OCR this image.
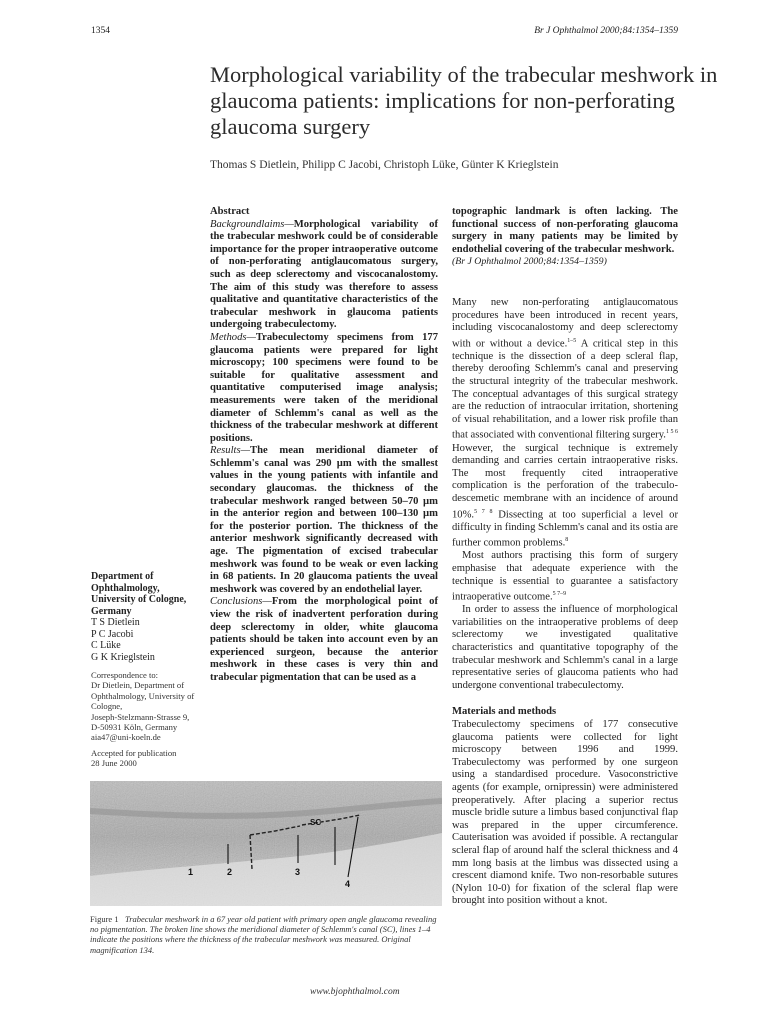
1354	Br J Ophthalmol 2000;84:1354–1359
Morphological variability of the trabecular meshwork in glaucoma patients: implications for non-perforating glaucoma surgery
Thomas S Dietlein, Philipp C Jacobi, Christoph Lüke, Günter K Krieglstein
Abstract

Backgroundlaims—Morphological variability of the trabecular meshwork could be of considerable importance for the proper intraoperative outcome of non-perforating antiglaucomatous surgery, such as deep sclerectomy and viscocanalostomy. The aim of this study was therefore to assess qualitative and quantitative characteristics of the trabecular meshwork in glaucoma patients undergoing trabeculectomy.

Methods—Trabeculectomy specimens from 177 glaucoma patients were prepared for light microscopy; 100 specimens were found to be suitable for qualitative assessment and quantitative computerised image analysis; measurements were taken of the meridional diameter of Schlemm's canal as well as the thickness of the trabecular meshwork at different positions.

Results—The mean meridional diameter of Schlemm's canal was 290 µm with the smallest values in the young patients with infantile and secondary glaucomas. the thickness of the trabecular meshwork ranged between 50–70 µm in the anterior region and between 100–130 µm for the posterior portion. The thickness of the anterior meshwork significantly decreased with age. The pigmentation of excised trabecular meshwork was found to be weak or even lacking in 68 patients. In 20 glaucoma patients the uveal meshwork was covered by an endothelial layer.

Conclusions—From the morphological point of view the risk of inadvertent perforation during deep sclerectomy in older, white glaucoma patients should be taken into account even by an experienced surgeon, because the anterior meshwork in these cases is very thin and trabecular pigmentation that can be used as a

topographic landmark is often lacking. The functional success of non-perforating glaucoma surgery in many patients may be limited by endothelial covering of the trabecular meshwork.

(Br J Ophthalmol 2000;84:1354–1359)

Many new non-perforating antiglaucomatous procedures have been introduced in recent years, including viscocanalostomy and deep sclerectomy with or without a device.$^{1-5}$ A critical step in this technique is the dissection of a deep scleral flap, thereby deroofing Schlemm's canal and preserving the structural integrity of the trabecular meshwork. The conceptual advantages of this surgical strategy are the reduction of intraocular irritation, shortening of visual rehabilitation, and a lower risk profile than that associated with conventional filtering surgery.$^{1 5 6}$ However, the surgical technique is extremely demanding and carries certain intraoperative risks. The most frequently cited intraoperative complication is the perforation of the trabeculo-descemetic membrane with an incidence of around 10%.$^{5 7 8}$ Dissecting at too superficial a level or difficulty in finding Schlemm's canal and its ostia are further common problems.$^8$

Most authors practising this form of surgery emphasise that adequate experience with the technique is essential to guarantee a satisfactory intraoperative outcome.$^{5 7-9}$

In order to assess the influence of morphological variabilities on the intraoperative problems of deep sclerectomy we investigated qualitative characteristics and quantitative topography of the trabecular meshwork and Schlemm's canal in a large representative series of glaucoma patients who had undergone conventional trabeculectomy.

Materials and methods

Trabeculectomy specimens of 177 consecutive glaucoma patients were collected for light microscopy between 1996 and 1999. Trabeculectomy was performed by one surgeon using a standardised procedure. Vasoconstrictive agents (for example, ornipressin) were administered preoperatively. After placing a superior rectus muscle bridle suture a limbus based conjunctival flap was prepared in the upper circumference. Cauterisation was avoided if possible. A rectangular scleral flap of around half the scleral thickness and 4 mm long basis at the limbus was dissected using a crescent diamond knife. Two non-resorbable sutures (Nylon 10-0) for fixation of the scleral flap were brought into position without a knot.

Department of Ophthalmology, University of Cologne, Germany
T S Dietlein
P C Jacobi
C Lüke
G K Krieglstein
Correspondence to:
Dr Dietlein, Department of Ophthalmology, University of Cologne,
Joseph-Stelzmann-Strasse 9,
D-50931 Köln, Germany
aia47@uni-koeln.de
Accepted for publication
28 June 2000
1	2	3
4
SC
Figure 1 Trabecular meshwork in a 67 year old patient with primary open angle glaucoma revealing no pigmentation. The broken line shows the meridional diameter of Schlemm's canal (SC), lines 1–4 indicate the positions where the thickness of the trabecular meshwork was measured. Original magnification 134.
www.bjophthalmol.com
